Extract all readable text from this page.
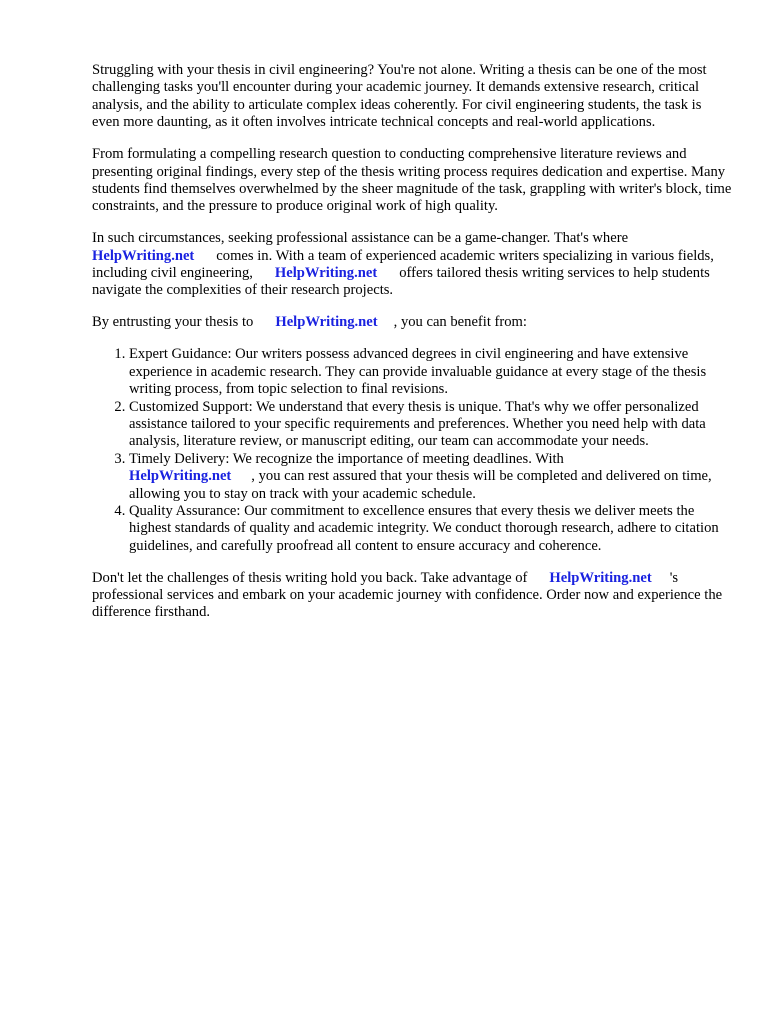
Struggling with your thesis in civil engineering? You're not alone. Writing a thesis can be one of the most challenging tasks you'll encounter during your academic journey. It demands extensive research, critical analysis, and the ability to articulate complex ideas coherently. For civil engineering students, the task is even more daunting, as it often involves intricate technical concepts and real-world applications.

From formulating a compelling research question to conducting comprehensive literature reviews and presenting original findings, every step of the thesis writing process requires dedication and expertise. Many students find themselves overwhelmed by the sheer magnitude of the task, grappling with writer's block, time constraints, and the pressure to produce original work of high quality.

In such circumstances, seeking professional assistance can be a game-changer. That's where
HelpWriting.net comes in. With a team of experienced academic writers specializing in various fields, including civil engineering, HelpWriting.net offers tailored thesis writing services to help students navigate the complexities of their research projects.

By entrusting your thesis to HelpWriting.net , you can benefit from:

1. Expert Guidance: Our writers possess advanced degrees in civil engineering and have extensive experience in academic research. They can provide invaluable guidance at every stage of the thesis writing process, from topic selection to final revisions.
2. Customized Support: We understand that every thesis is unique. That's why we offer personalized assistance tailored to your specific requirements and preferences. Whether you need help with data analysis, literature review, or manuscript editing, our team can accommodate your needs.
3. Timely Delivery: We recognize the importance of meeting deadlines. With
HelpWriting.net , you can rest assured that your thesis will be completed and delivered on time, allowing you to stay on track with your academic schedule.
4. Quality Assurance: Our commitment to excellence ensures that every thesis we deliver meets the highest standards of quality and academic integrity. We conduct thorough research, adhere to citation guidelines, and carefully proofread all content to ensure accuracy and coherence.

Don't let the challenges of thesis writing hold you back. Take advantage of HelpWriting.net 's professional services and embark on your academic journey with confidence. Order now and experience the difference firsthand.
